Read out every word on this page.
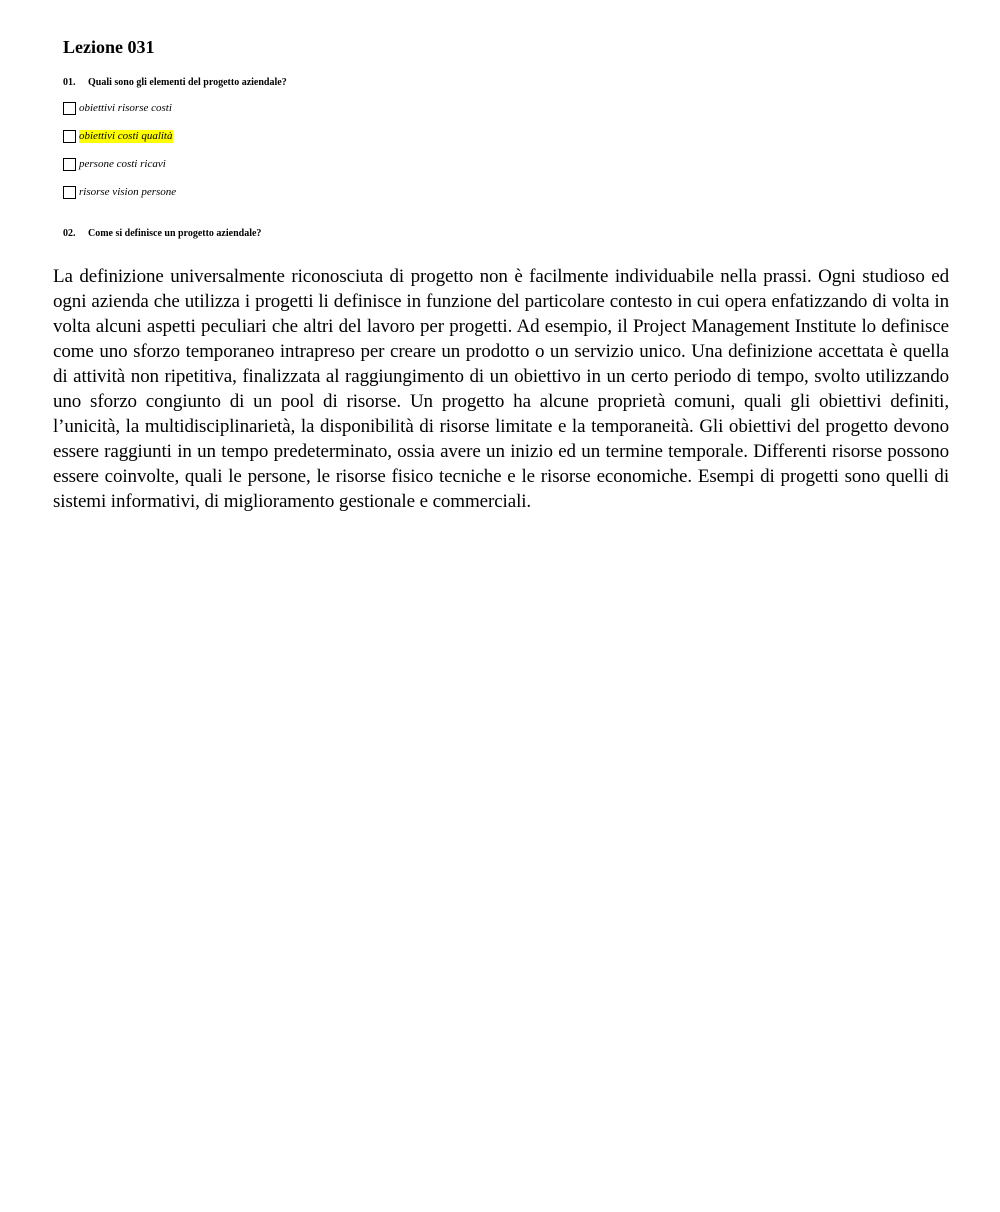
Lezione 031

01. Quali sono gli elementi del progetto aziendale?

obiettivi risorse costi
obiettivi costi qualità
persone costi ricavi
risorse vision persone

02. Come si definisce un progetto aziendale?

La definizione universalmente riconosciuta di progetto non è facilmente individuabile nella prassi. Ogni studioso ed ogni azienda che utilizza i progetti li definisce in funzione del particolare contesto in cui opera enfatizzando di volta in volta alcuni aspetti peculiari che altri del lavoro per progetti. Ad esempio, il Project Management Institute lo definisce come uno sforzo temporaneo intrapreso per creare un prodotto o un servizio unico. Una definizione accettata è quella di attività non ripetitiva, finalizzata al raggiungimento di un obiettivo in un certo periodo di tempo, svolto utilizzando uno sforzo congiunto di un pool di risorse. Un progetto ha alcune proprietà comuni, quali gli obiettivi definiti, l’unicità, la multidisciplinarietà, la disponibilità di risorse limitate e la temporaneità. Gli obiettivi del progetto devono essere raggiunti in un tempo predeterminato, ossia avere un inizio ed un termine temporale. Differenti risorse possono essere coinvolte, quali le persone, le risorse fisico tecniche e le risorse economiche. Esempi di progetti sono quelli di sistemi informativi, di miglioramento gestionale e commerciali.
